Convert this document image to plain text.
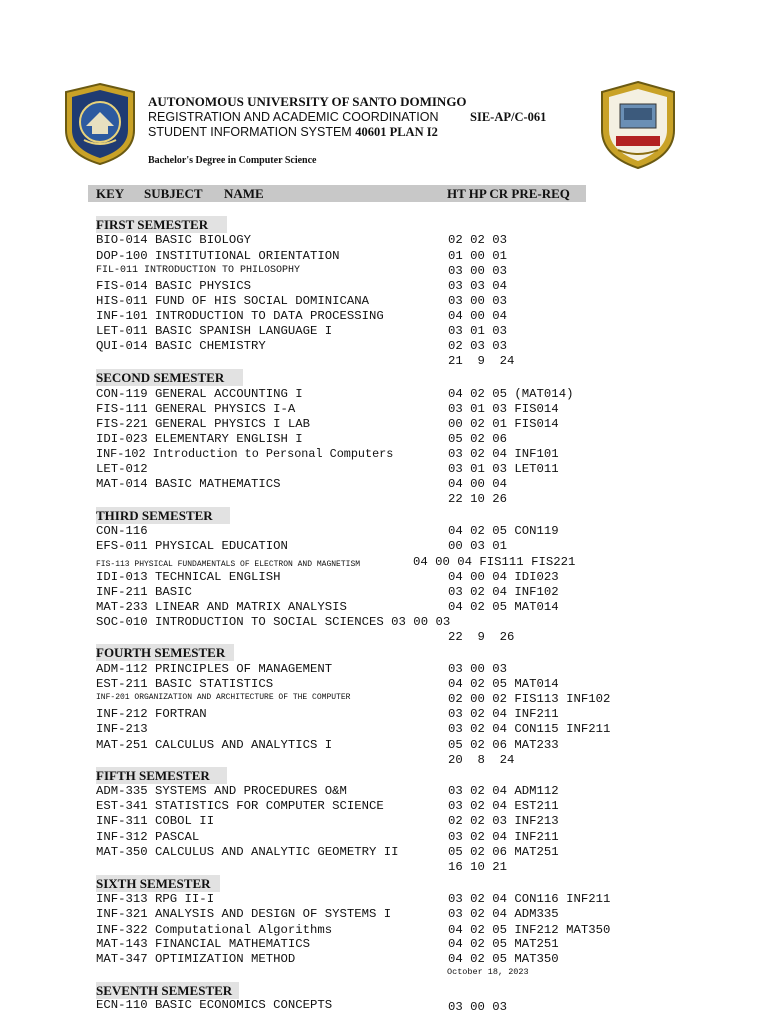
AUTONOMOUS UNIVERSITY OF SANTO DOMINGO
REGISTRATION AND ACADEMIC COORDINATION
STUDENT INFORMATION SYSTEM 40601 PLAN I2
SIE-AP/C-061
Bachelor's Degree in Computer Science
KEY SUBJECT NAME	HT HP CR PRE-REQ
FIRST SEMESTER
BIO-014 BASIC BIOLOGY	02 02 03
DOP-100 INSTITUTIONAL ORIENTATION	01 00 01
FIL-011 INTRODUCTION TO PHILOSOPHY	03 00 03
FIS-014 BASIC PHYSICS	03 03 04
HIS-011 FUND OF HIS SOCIAL DOMINICANA	03 00 03
INF-101 INTRODUCTION TO DATA PROCESSING	04 00 04
LET-011 BASIC SPANISH LANGUAGE I	03 01 03
QUI-014 BASIC CHEMISTRY	02 03 03
21  9  24
SECOND SEMESTER
CON-119 GENERAL ACCOUNTING I	04 02 05 (MAT014)
FIS-111 GENERAL PHYSICS I-A	03 01 03 FIS014
FIS-221 GENERAL PHYSICS I LAB	00 02 01 FIS014
IDI-023 ELEMENTARY ENGLISH I	05 02 06
INF-102 Introduction to Personal Computers	03 02 04 INF101
LET-012	03 01 03 LET011
MAT-014 BASIC MATHEMATICS	04 00 04
22 10 26
THIRD SEMESTER
CON-116	04 02 05 CON119
EFS-011 PHYSICAL EDUCATION	00 03 01
FIS-113 PHYSICAL FUNDAMENTALS OF ELECTRON AND MAGNETISM	04 00 04 FIS111 FIS221
IDI-013 TECHNICAL ENGLISH	04 00 04 IDI023
INF-211 BASIC	03 02 04 INF102
MAT-233 LINEAR AND MATRIX ANALYSIS	04 02 05 MAT014
SOC-010 INTRODUCTION TO SOCIAL SCIENCES 03 00 03
22  9  26
FOURTH SEMESTER
ADM-112 PRINCIPLES OF MANAGEMENT	03 00 03
EST-211 BASIC STATISTICS	04 02 05 MAT014
INF-201 ORGANIZATION AND ARCHITECTURE OF THE COMPUTER	02 00 02 FIS113 INF102
INF-212 FORTRAN	03 02 04 INF211
INF-213	03 02 04 CON115 INF211
MAT-251 CALCULUS AND ANALYTICS I	05 02 06 MAT233
20  8  24
FIFTH SEMESTER
ADM-335 SYSTEMS AND PROCEDURES O&M	03 02 04 ADM112
EST-341 STATISTICS FOR COMPUTER SCIENCE	03 02 04 EST211
INF-311 COBOL II	02 02 03 INF213
INF-312 PASCAL	03 02 04 INF211
MAT-350 CALCULUS AND ANALYTIC GEOMETRY II	05 02 06 MAT251
16 10 21
SIXTH SEMESTER
INF-313 RPG II-I	03 02 04 CON116 INF211
INF-321 ANALYSIS AND DESIGN OF SYSTEMS I	03 02 04 ADM335
INF-322 Computational Algorithms	04 02 05 INF212 MAT350
MAT-143 FINANCIAL MATHEMATICS	04 02 05 MAT251
MAT-347 OPTIMIZATION METHOD	04 02 05 MAT350
October 18, 2023
SEVENTH SEMESTER
ECN-110 BASIC ECONOMICS CONCEPTS	03 00 03
